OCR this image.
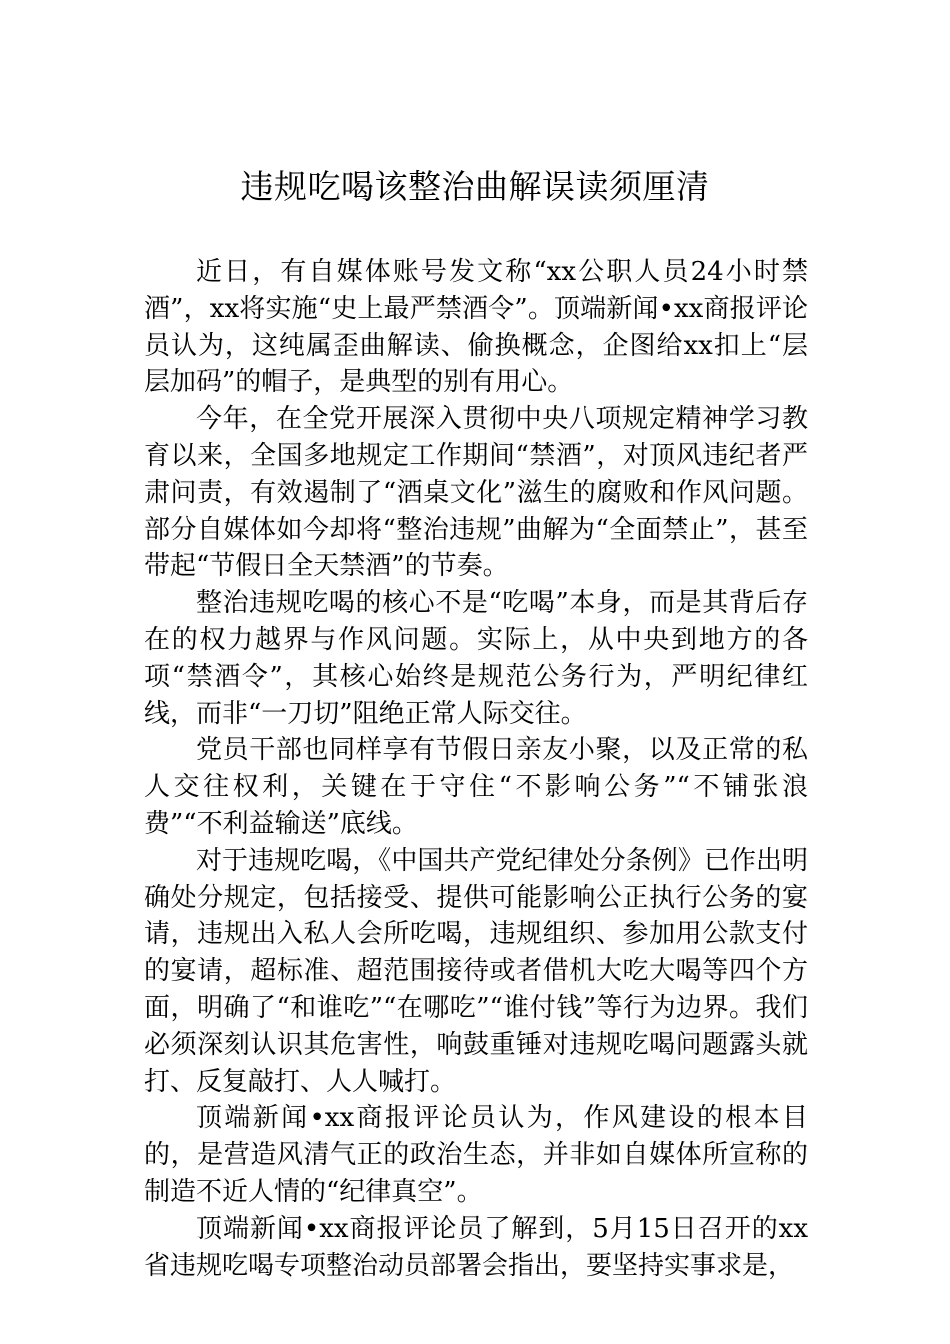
违规吃喝该整治曲解误读须厘清

近日，有自媒体账号发文称“xx公职人员24小时禁酒”，xx将实施“史上最严禁酒令”。顶端新闻•xx商报评论员认为，这纯属歪曲解读、偷换概念，企图给xx扣上“层层加码”的帽子，是典型的别有用心。

今年，在全党开展深入贯彻中央八项规定精神学习教育以来，全国多地规定工作期间“禁酒”，对顶风违纪者严肃问责，有效遏制了“酒桌文化”滋生的腐败和作风问题。部分自媒体如今却将“整治违规”曲解为“全面禁止”，甚至带起“节假日全天禁酒”的节奏。

整治违规吃喝的核心不是“吃喝”本身，而是其背后存在的权力越界与作风问题。实际上，从中央到地方的各项“禁酒令”，其核心始终是规范公务行为，严明纪律红线，而非“一刀切”阻绝正常人际交往。

党员干部也同样享有节假日亲友小聚，以及正常的私人交往权利，关键在于守住“不影响公务”“不铺张浪费”“不利益输送”底线。

对于违规吃喝，《中国共产党纪律处分条例》已作出明确处分规定，包括接受、提供可能影响公正执行公务的宴请，违规出入私人会所吃喝，违规组织、参加用公款支付的宴请，超标准、超范围接待或者借机大吃大喝等四个方面，明确了“和谁吃”“在哪吃”“谁付钱”等行为边界。我们必须深刻认识其危害性，响鼓重锤对违规吃喝问题露头就打、反复敲打、人人喊打。

顶端新闻•xx商报评论员认为，作风建设的根本目的，是营造风清气正的政治生态，并非如自媒体所宣称的制造不近人情的“纪律真空”。

顶端新闻•xx商报评论员了解到，5月15日召开的xx省违规吃喝专项整治动员部署会指出，要坚持实事求是，
